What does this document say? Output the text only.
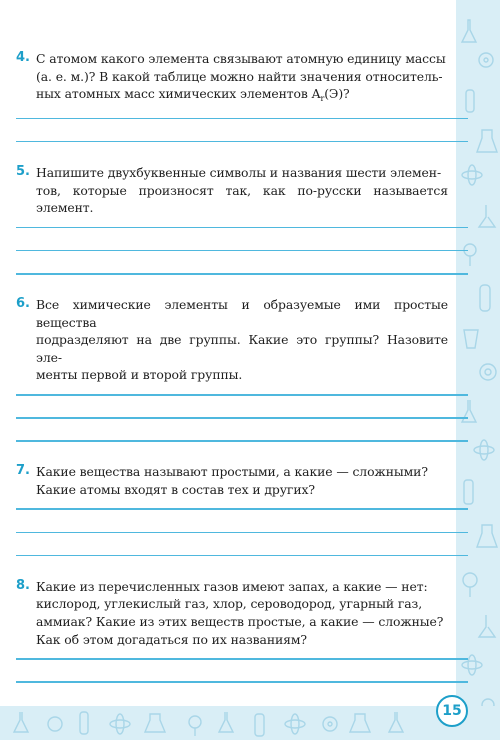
4. С атомом какого элемента связывают атомную единицу массы
(а. е. м.)? В какой таблице можно найти значения относитель-
ных атомных масс химических элементов $A_r(Э)$?
5. Напишите двухбуквенные символы и названия шести элемен-
тов, которые произносят так, как по-русски называется элемент.
6. Все химические элементы и образуемые ими простые вещества
подразделяют на две группы. Какие это группы? Назовите эле-
менты первой и второй группы.
7. Какие вещества называют простыми, а какие — сложными?
Какие атомы входят в состав тех и других?
8. Какие из перечисленных газов имеют запах, а какие — нет:
кислород, углекислый газ, хлор, сероводород, угарный газ,
аммиак? Какие из этих веществ простые, а какие — сложные?
Как об этом догадаться по их названиям?
15
